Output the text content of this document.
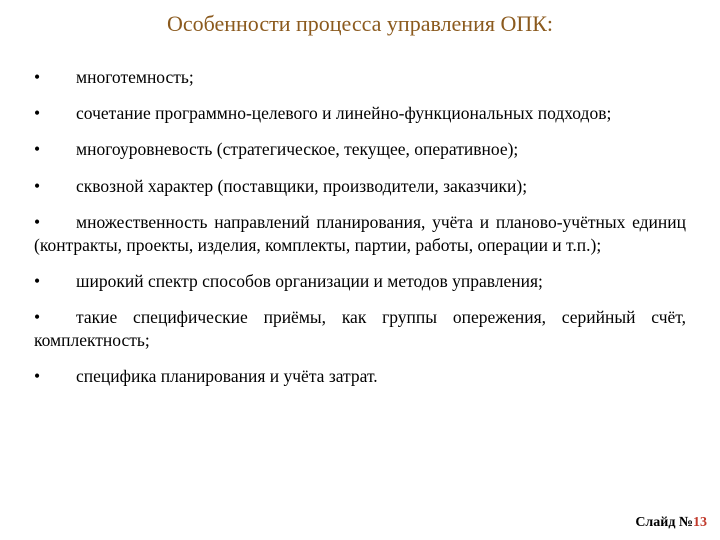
Особенности процесса управления ОПК:
• многотемность;
• сочетание программно-целевого и линейно-функциональных подходов;
• многоуровневость (стратегическое, текущее, оперативное);
• сквозной характер (поставщики, производители, заказчики);
• множественность направлений планирования, учёта и планово-учётных единиц (контракты, проекты, изделия, комплекты, партии, работы, операции и т.п.);
• широкий спектр способов организации и методов управления;
• такие специфические приёмы, как группы опережения, серийный счёт, комплектность;
• специфика планирования и учёта затрат.
Слайд №13
